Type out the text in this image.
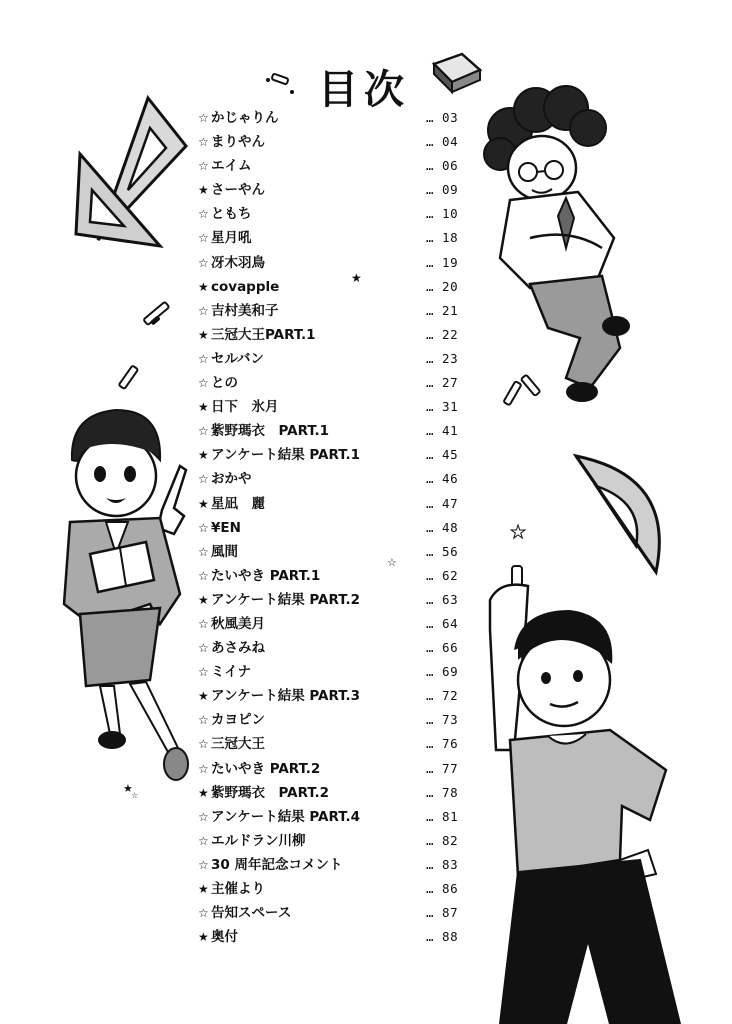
目次
☆ かじゃりん	… 03
☆ まりやん	… 04
☆ エイム	… 06
★ さーやん	… 09
☆ ともち	… 10
☆ 星月吼	… 18
☆ 冴木羽鳥	… 19
★ covapple	… 20
☆ 吉村美和子	… 21
★ 三冠大王PART.1	… 22
☆ セルバン	… 23
☆ との	… 27
★ 日下　氷月	… 31
☆ 紫野瑪衣　PART.1	… 41
★ アンケート結果 PART.1	… 45
☆ おかや	… 46
★ 星凪　麗	… 47
☆ ¥EN	… 48
☆ 風間	… 56
☆ たいやき PART.1	… 62
★ アンケート結果 PART.2	… 63
☆ 秋風美月	… 64
☆ あさみね	… 66
☆ ミイナ	… 69
★ アンケート結果 PART.3	… 72
☆ カヨピン	… 73
☆ 三冠大王	… 76
☆ たいやき PART.2	… 77
★ 紫野瑪衣　PART.2	… 78
☆ アンケート結果 PART.4	… 81
☆ エルドラン川柳	… 82
☆ 30 周年記念コメント	… 83
★ 主催より	… 86
☆ 告知スペース	… 87
★ 奥付	… 88
★
☆
★
☆
★
